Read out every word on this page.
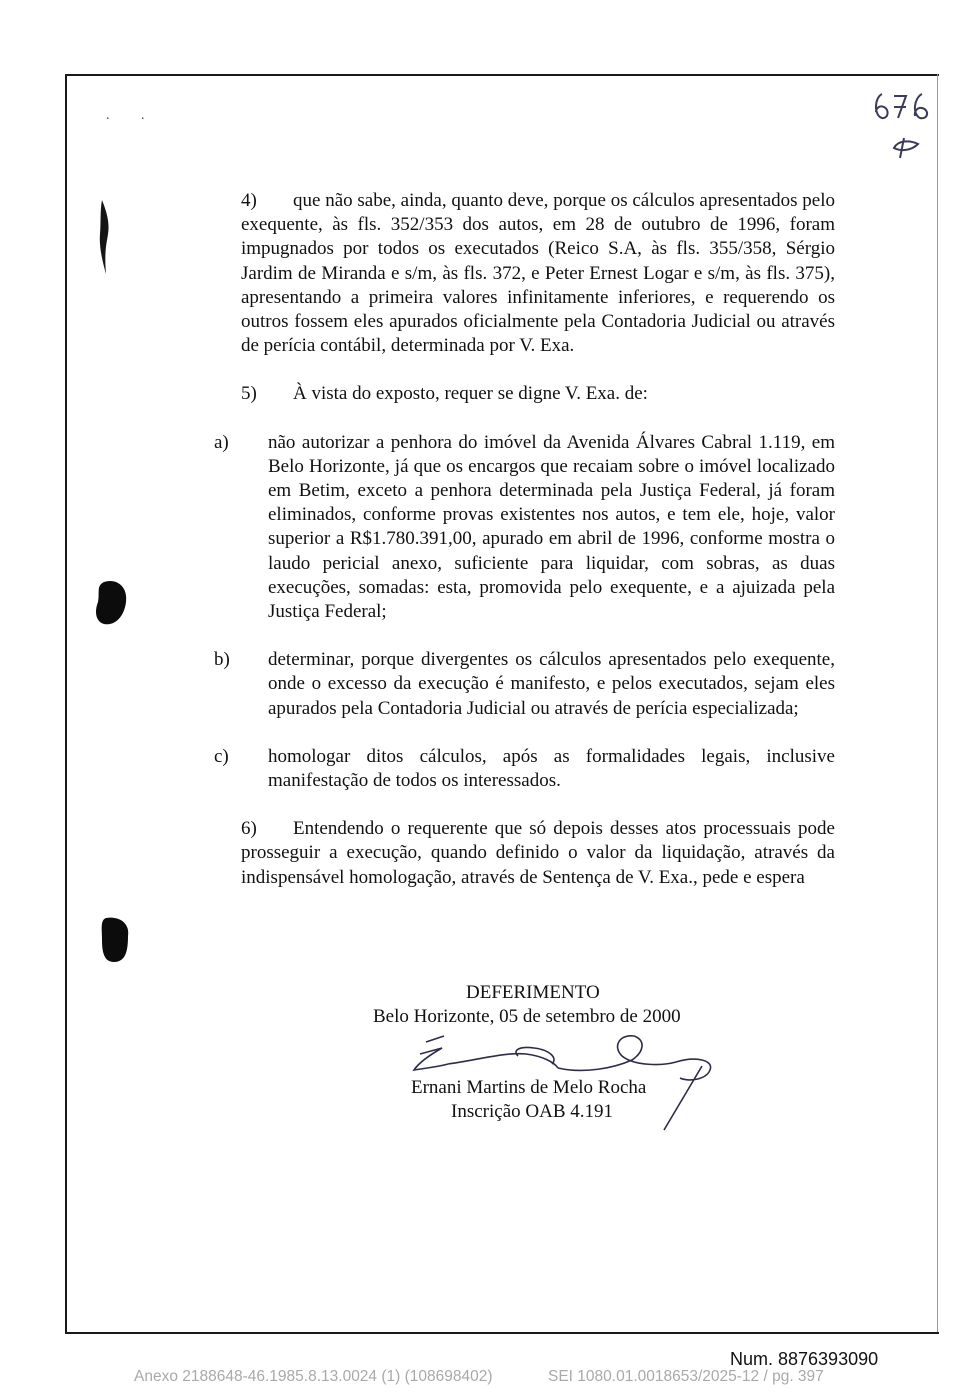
. .

4) que não sabe, ainda, quanto deve, porque os cálculos apresentados pelo exequente, às fls. 352/353 dos autos, em 28 de outubro de 1996, foram impugnados por todos os executados (Reico S.A, às fls. 355/358, Sérgio Jardim de Miranda e s/m, às fls. 372, e Peter Ernest Logar e s/m, às fls. 375), apresentando a primeira valores infinitamente inferiores, e requerendo os outros fossem eles apurados oficialmente pela Contadoria Judicial ou através de perícia contábil, determinada por V. Exa.

5) À vista do exposto, requer se digne V. Exa. de:

a) não autorizar a penhora do imóvel da Avenida Álvares Cabral 1.119, em Belo Horizonte, já que os encargos que recaiam sobre o imóvel localizado em Betim, exceto a penhora determinada pela Justiça Federal, já foram eliminados, conforme provas existentes nos autos, e tem ele, hoje, valor superior a R$1.780.391,00, apurado em abril de 1996, conforme mostra o laudo pericial anexo, suficiente para liquidar, com sobras, as duas execuções, somadas: esta, promovida pelo exequente, e a ajuizada pela Justiça Federal;

b) determinar, porque divergentes os cálculos apresentados pelo exequente, onde o excesso da execução é manifesto, e pelos executados, sejam eles apurados pela Contadoria Judicial ou através de perícia especializada;

c) homologar ditos cálculos, após as formalidades legais, inclusive manifestação de todos os interessados.

6) Entendendo o requerente que só depois desses atos processuais pode prosseguir a execução, quando definido o valor da liquidação, através da indispensável homologação, através de Sentença de V. Exa., pede e espera

DEFERIMENTO
Belo Horizonte, 05 de setembro de 2000
Ernani Martins de Melo Rocha
Inscrição OAB 4.191
Num. 8876393090
Anexo 2188648-46.1985.8.13.0024 (1) (108698402)	SEI 1080.01.0018653/2025-12 / pg. 397
